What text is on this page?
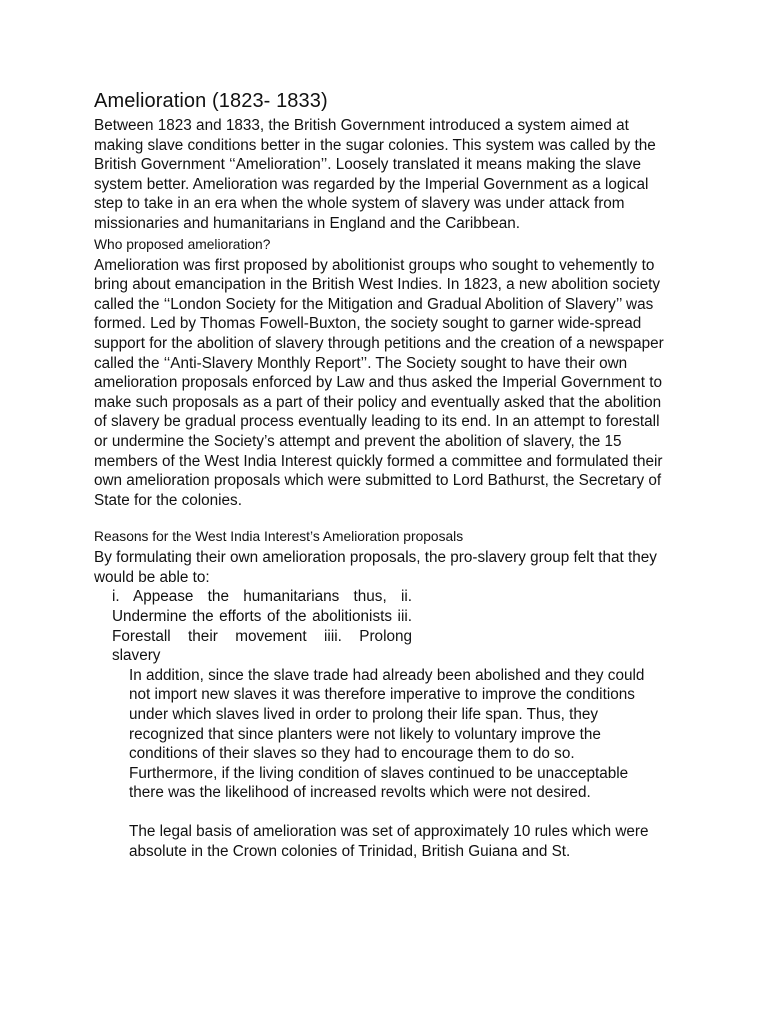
Amelioration (1823- 1833)

Between 1823 and 1833, the British Government introduced a system aimed at making slave conditions better in the sugar colonies. This system was called by the British Government ‘‘Amelioration’’. Loosely translated it means making the slave system better. Amelioration was regarded by the Imperial Government as a logical step to take in an era when the whole system of slavery was under attack from missionaries and humanitarians in England and the Caribbean.

Who proposed amelioration?

Amelioration was first proposed by abolitionist groups who sought to vehemently to bring about emancipation in the British West Indies. In 1823, a new abolition society called the ‘‘London Society for the Mitigation and Gradual Abolition of Slavery’’ was formed. Led by Thomas Fowell-Buxton, the society sought to garner wide-spread support for the abolition of slavery through petitions and the creation of a newspaper called the ‘‘Anti-Slavery Monthly Report’’. The Society sought to have their own amelioration proposals enforced by Law and thus asked the Imperial Government to make such proposals as a part of their policy and eventually asked that the abolition of slavery be gradual process eventually leading to its end. In an attempt to forestall or undermine the Society’s attempt and prevent the abolition of slavery, the 15 members of the West India Interest quickly formed a committee and formulated their own amelioration proposals which were submitted to Lord Bathurst, the Secretary of State for the colonies.

Reasons for the West India Interest’s Amelioration proposals

By formulating their own amelioration proposals, the pro-slavery group felt that they would be able to:

i. Appease the humanitarians thus, ii. Undermine the efforts of the abolitionists iii. Forestall their movement iiii. Prolong slavery

In addition, since the slave trade had already been abolished and they could not import new slaves it was therefore imperative to improve the conditions under which slaves lived in order to prolong their life span. Thus, they recognized that since planters were not likely to voluntary improve the conditions of their slaves so they had to encourage them to do so. Furthermore, if the living condition of slaves continued to be unacceptable there was the likelihood of increased revolts which were not desired.

The legal basis of amelioration was set of approximately 10 rules which were absolute in the Crown colonies of Trinidad, British Guiana and St.
